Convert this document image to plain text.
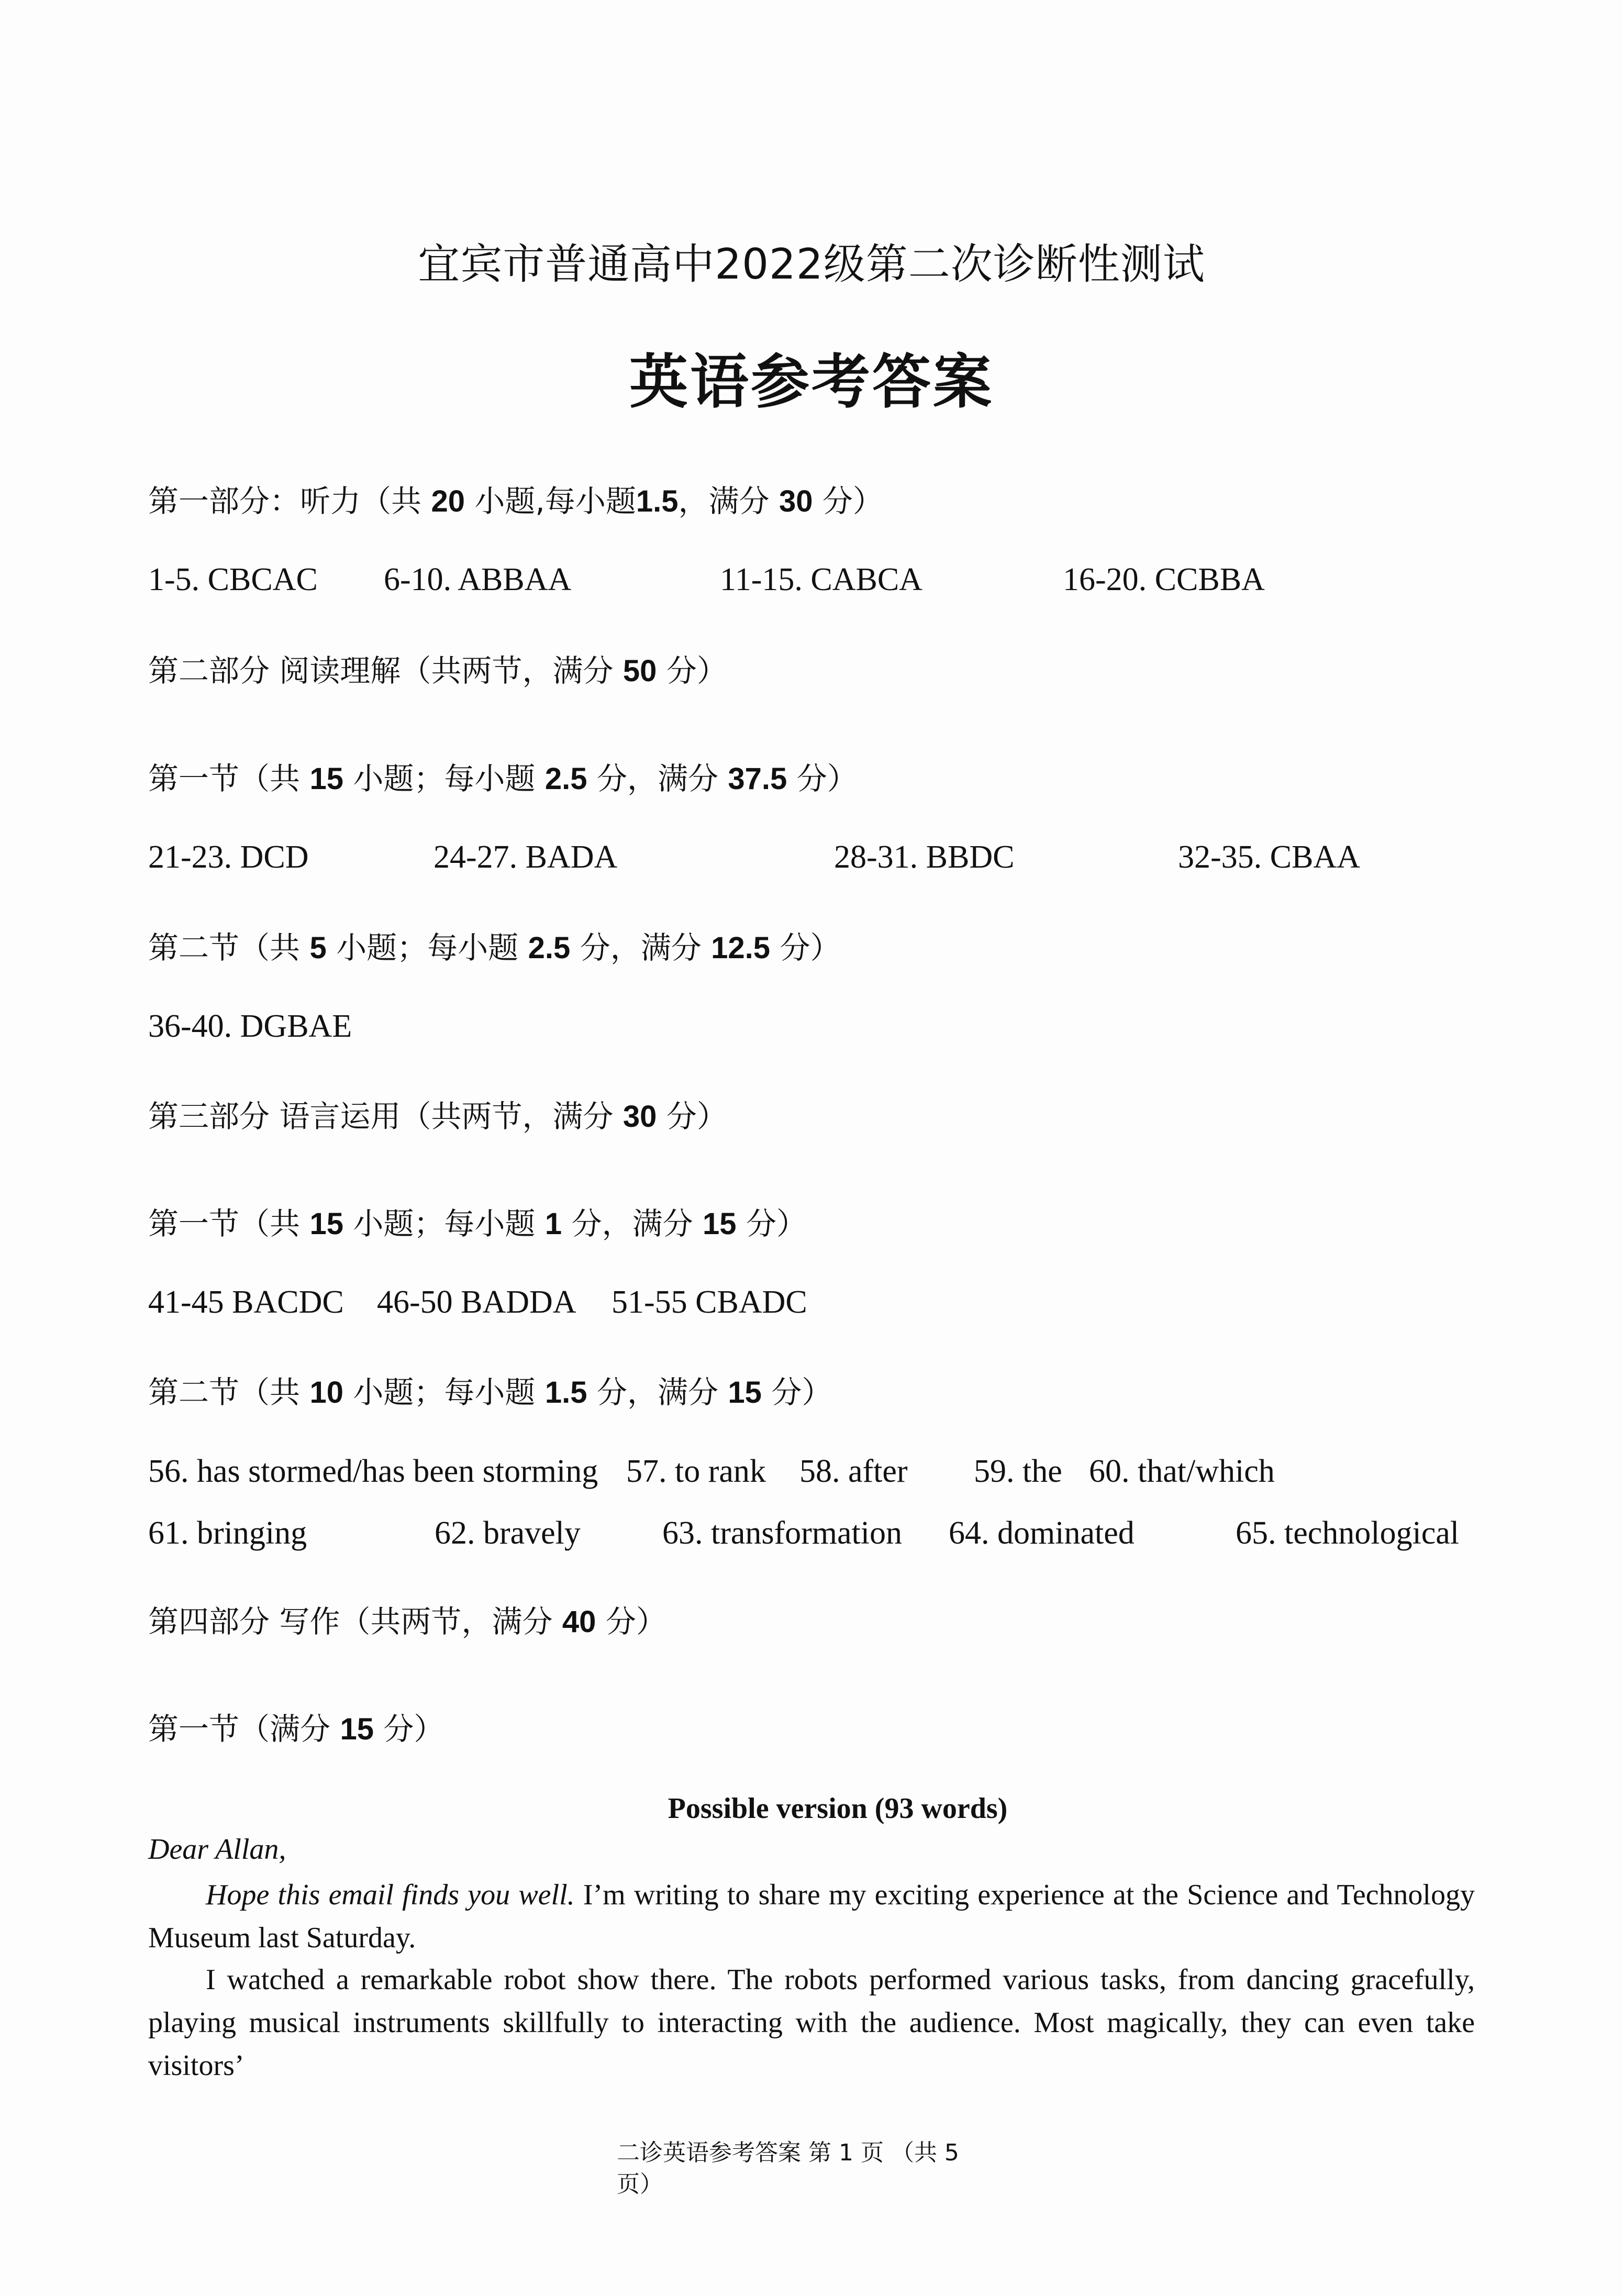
宜宾市普通高中2022级第二次诊断性测试
英语参考答案
第一部分：听力（共 20 小题,每小题1.5，满分 30 分）
1-5. CBCAC 6-10. ABBAA	11-15. CABCA	16-20. CCBBA
第二部分 阅读理解（共两节，满分 50 分）
第一节（共 15 小题；每小题 2.5 分，满分 37.5 分）
21-23. DCD	24-27. BADA	28-31. BBDC	32-35. CBAA
第二节（共 5 小题；每小题 2.5 分，满分 12.5 分）
36-40. DGBAE
第三部分 语言运用（共两节，满分 30 分）
第一节（共 15 小题；每小题 1 分，满分 15 分）
41-45 BACDC 46-50 BADDA 51-55 CBADC
第二节（共 10 小题；每小题 1.5 分，满分 15 分）
56. has stormed/has been storming 57. to rank 58. after 59. the 60. that/which
61. bringing	62. bravely	63. transformation 64. dominated	65. technological
第四部分 写作（共两节，满分 40 分）
第一节（满分 15 分）
Possible version (93 words)
Dear Allan,
Hope this email finds you well. I’m writing to share my exciting experience at the Science and Technology Museum last Saturday.
I watched a remarkable robot show there. The robots performed various tasks, from dancing gracefully, playing musical instruments skillfully to interacting with the audience. Most magically, they can even take visitors’
二诊英语参考答案 第 1 页 （共 5
页）
